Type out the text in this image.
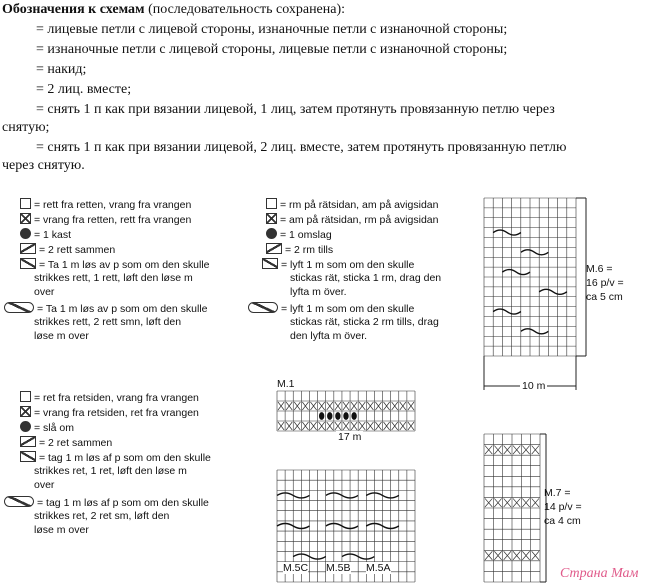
Обозначения к схемам (последовательность сохранена):
= лицевые петли с лицевой стороны, изнаночные петли с изнаночной стороны;
= изнаночные петли с лицевой стороны, лицевые петли с изнаночной стороны;
= накид;
= 2 лиц. вместе;
= снять 1 п как при вязании лицевой, 1 лиц, затем протянуть провязанную петлю через
снятую;
= снять 1 п как при вязании лицевой, 2 лиц. вместе, затем протянуть провязанную петлю
через снятую.
= rett fra retten, vrang fra vrangen
= vrang fra retten, rett fra vrangen
= 1 kast
= 2 rett sammen
= Ta 1 m løs av p som om den skulle
strikkes rett, 1 rett, løft den løse m
over
= Ta 1 m løs av p som om den skulle
strikkes rett, 2 rett smn, løft den
løse m over
= rm på rätsidan, am på avigsidan
= am på rätsidan, rm på avigsidan
= 1 omslag
= 2 rm tills
= lyft 1 m som om den skulle
stickas rät, sticka 1 rm, drag den
lyfta m över.
= lyft 1 m som om den skulle
stickas rät, sticka 2 rm tills, drag
den lyfta m över.
= ret fra retsiden, vrang fra vrangen
= vrang fra retsiden, ret fra vrangen
= slå om
= 2 ret sammen
= tag 1 m løs af p som om den skulle
strikkes ret, 1 ret, løft den løse m
over
= tag 1 m løs af p som om den skulle
strikkes ret, 2 ret sm, løft den
løse m over
10 m
M.6 =
16 p/v =
ca 5 cm
M.1
17 m
M.5C M.5B M.5A
M.7 =
14 p/v =
ca 4 cm
Страна Мам
